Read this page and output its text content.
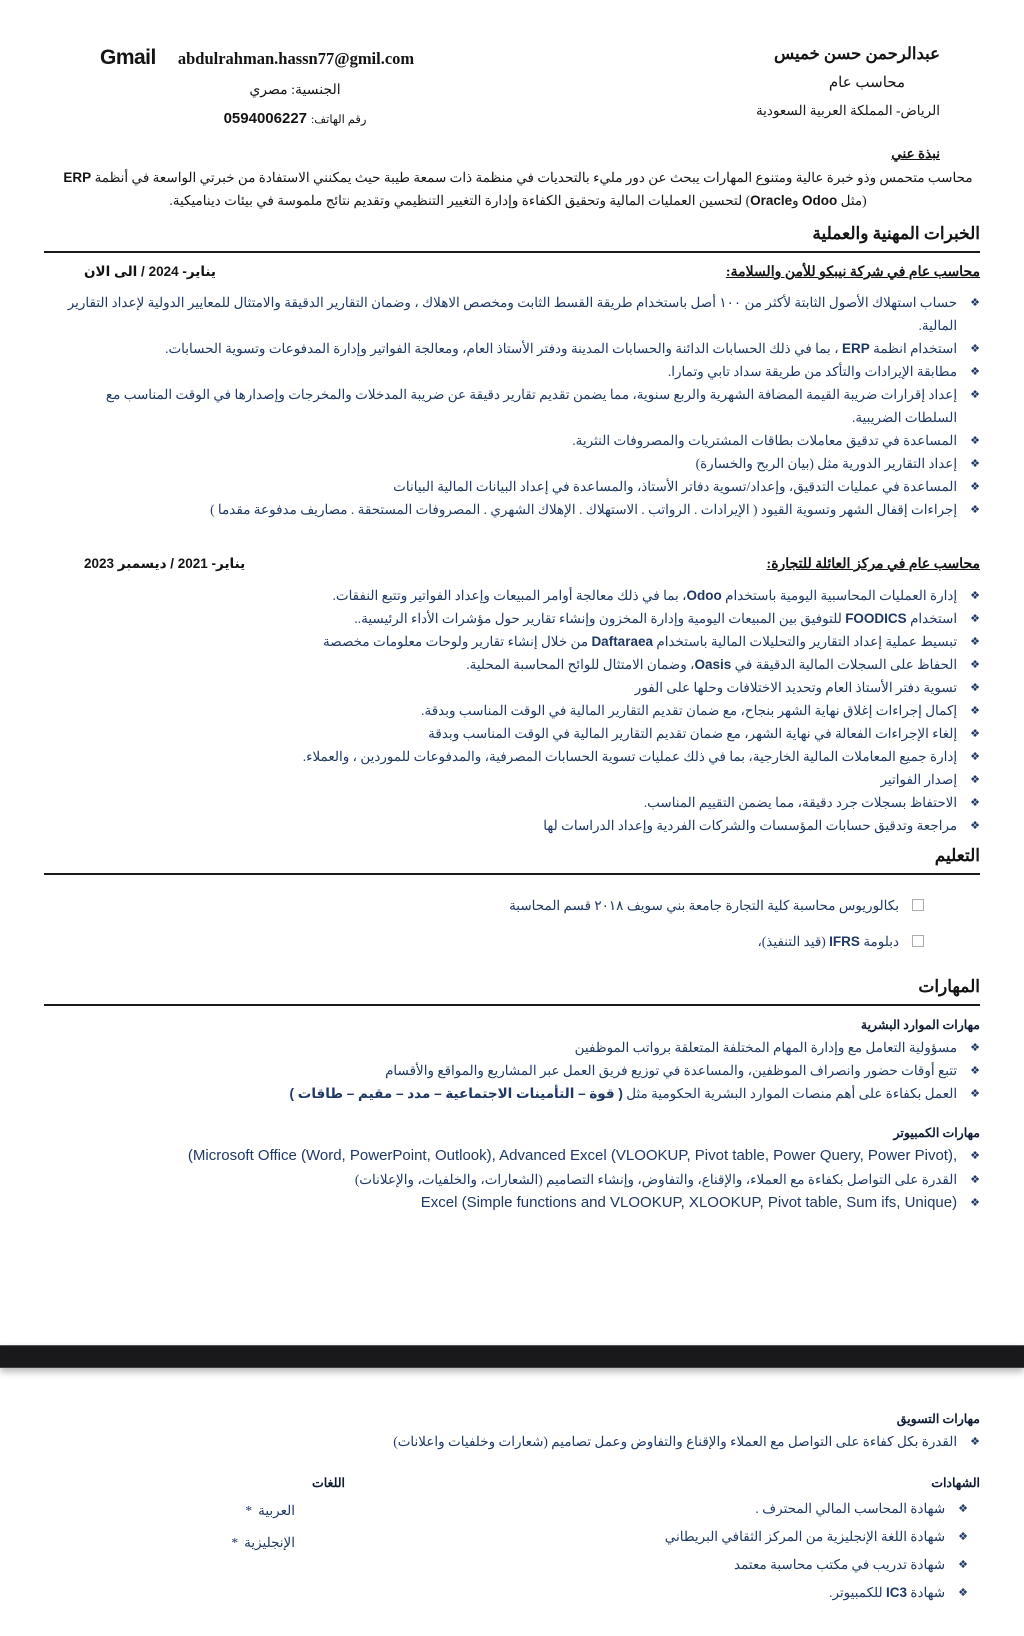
عبدالرحمن حسن خميس
محاسب عام
الرياض- المملكة العربية السعودية
Gmail abdulrahman.hassn77@gmil.com
الجنسية: مصري
رقم الهاتف: 0594006227
نبذة عني
محاسب متحمس وذو خبرة عالية ومتنوع المهارات يبحث عن دور مليء بالتحديات في منظمة ذات سمعة طيبة حيث يمكنني الاستفادة من خبرتي الواسعة في أنظمة ERP (مثل Odoo وOracle) لتحسين العمليات المالية وتحقيق الكفاءة وإدارة التغيير التنظيمي وتقديم نتائج ملموسة في بيئات ديناميكية.
الخبرات المهنية والعملية
محاسب عام في شركة نيبكو للأمن والسلامة:
يناير- 2024 / الى الان
❖
حساب استهلاك الأصول الثابتة لأكثر من ١٠٠ أصل باستخدام طريقة القسط الثابت ومخصص الاهلاك ، وضمان التقارير الدقيقة والامتثال للمعايير الدولية لإعداد التقارير المالية.
❖
استخدام انظمة ERP ، بما في ذلك الحسابات الدائنة والحسابات المدينة ودفتر الأستاذ العام، ومعالجة الفواتير وإدارة المدفوعات وتسوية الحسابات.
❖
مطابقة الإيرادات والتأكد من طريقة سداد تابي وتمارا.
❖
إعداد إقرارات ضريبة القيمة المضافة الشهرية والربع سنوية، مما يضمن تقديم تقارير دقيقة عن ضريبة المدخلات والمخرجات وإصدارها في الوقت المناسب مع السلطات الضريبية.
❖
المساعدة في تدقيق معاملات بطاقات المشتريات والمصروفات النثرية.
❖
إعداد التقارير الدورية مثل (بيان الربح والخسارة)
❖
المساعدة في عمليات التدقيق، وإعداد/تسوية دفاتر الأستاذ، والمساعدة في إعداد البيانات المالية البيانات
❖
إجراءات إقفال الشهر وتسوية القيود ( الإيرادات . الرواتب . الاستهلاك . الإهلاك الشهري . المصروفات المستحقة . مصاريف مدفوعة مقدما )
محاسب عام في مركز العائلة للتجارة:
يناير- 2021 / ديسمبر 2023
❖
إدارة العمليات المحاسبية اليومية باستخدام Odoo، بما في ذلك معالجة أوامر المبيعات وإعداد الفواتير وتتبع النفقات.
❖
استخدام FOODICS للتوفيق بين المبيعات اليومية وإدارة المخزون وإنشاء تقارير حول مؤشرات الأداء الرئيسية..
❖
تبسيط عملية إعداد التقارير والتحليلات المالية باستخدام Daftaraea من خلال إنشاء تقارير ولوحات معلومات مخصصة
❖
الحفاظ على السجلات المالية الدقيقة في Oasis، وضمان الامتثال للوائح المحاسبة المحلية.
❖
تسوية دفتر الأستاذ العام وتحديد الاختلافات وحلها على الفور
❖
إكمال إجراءات إغلاق نهاية الشهر بنجاح، مع ضمان تقديم التقارير المالية في الوقت المناسب وبدقة.
❖
إلغاء الإجراءات الفعالة في نهاية الشهر، مع ضمان تقديم التقارير المالية في الوقت المناسب وبدقة
❖
إدارة جميع المعاملات المالية الخارجية، بما في ذلك عمليات تسوية الحسابات المصرفية، والمدفوعات للموردين ، والعملاء.
❖
إصدار الفواتير
❖
الاحتفاظ بسجلات جرد دقيقة، مما يضمن التقييم المناسب.
❖
مراجعة وتدقيق حسابات المؤسسات والشركات الفردية وإعداد الدراسات لها
التعليم
بكالوريوس محاسبة كلية التجارة جامعة بني سويف ٢٠١٨ قسم المحاسبة
دبلومة IFRS (قيد التنفيذ)،
المهارات
مهارات الموارد البشرية
❖
مسؤولية التعامل مع وإدارة المهام المختلفة المتعلقة برواتب الموظفين
❖
تتبع أوقات حضور وانصراف الموظفين، والمساعدة في توزيع فريق العمل عبر المشاريع والمواقع والأقسام
❖
العمل بكفاءة على أهم منصات الموارد البشرية الحكومية مثل ( قوة – التأمينات الاجتماعية – مدد – مقيم – طاقات )
مهارات الكمبيوتر
❖
(Microsoft Office (Word, PowerPoint, Outlook), Advanced Excel (VLOOKUP, Pivot table, Power Query, Power Pivot),
❖
القدرة على التواصل بكفاءة مع العملاء، والإقناع، والتفاوض، وإنشاء التصاميم (الشعارات، والخلفيات، والإعلانات)
❖
Excel (Simple functions and VLOOKUP, XLOOKUP, Pivot table, Sum ifs, Unique)
مهارات التسويق
❖
القدرة بكل كفاءة على التواصل مع العملاء والإقناع والتفاوض وعمل تصاميم (شعارات وخلفيات واعلانات)
الشهادات
❖
شهادة المحاسب المالي المحترف .
❖
شهادة اللغة الإنجليزية من المركز الثقافي البريطاني
❖
شهادة تدريب في مكتب محاسبة معتمد
❖
شهادة IC3 للكمبيوتر.
اللغات
* العربية
* الإنجليزية
